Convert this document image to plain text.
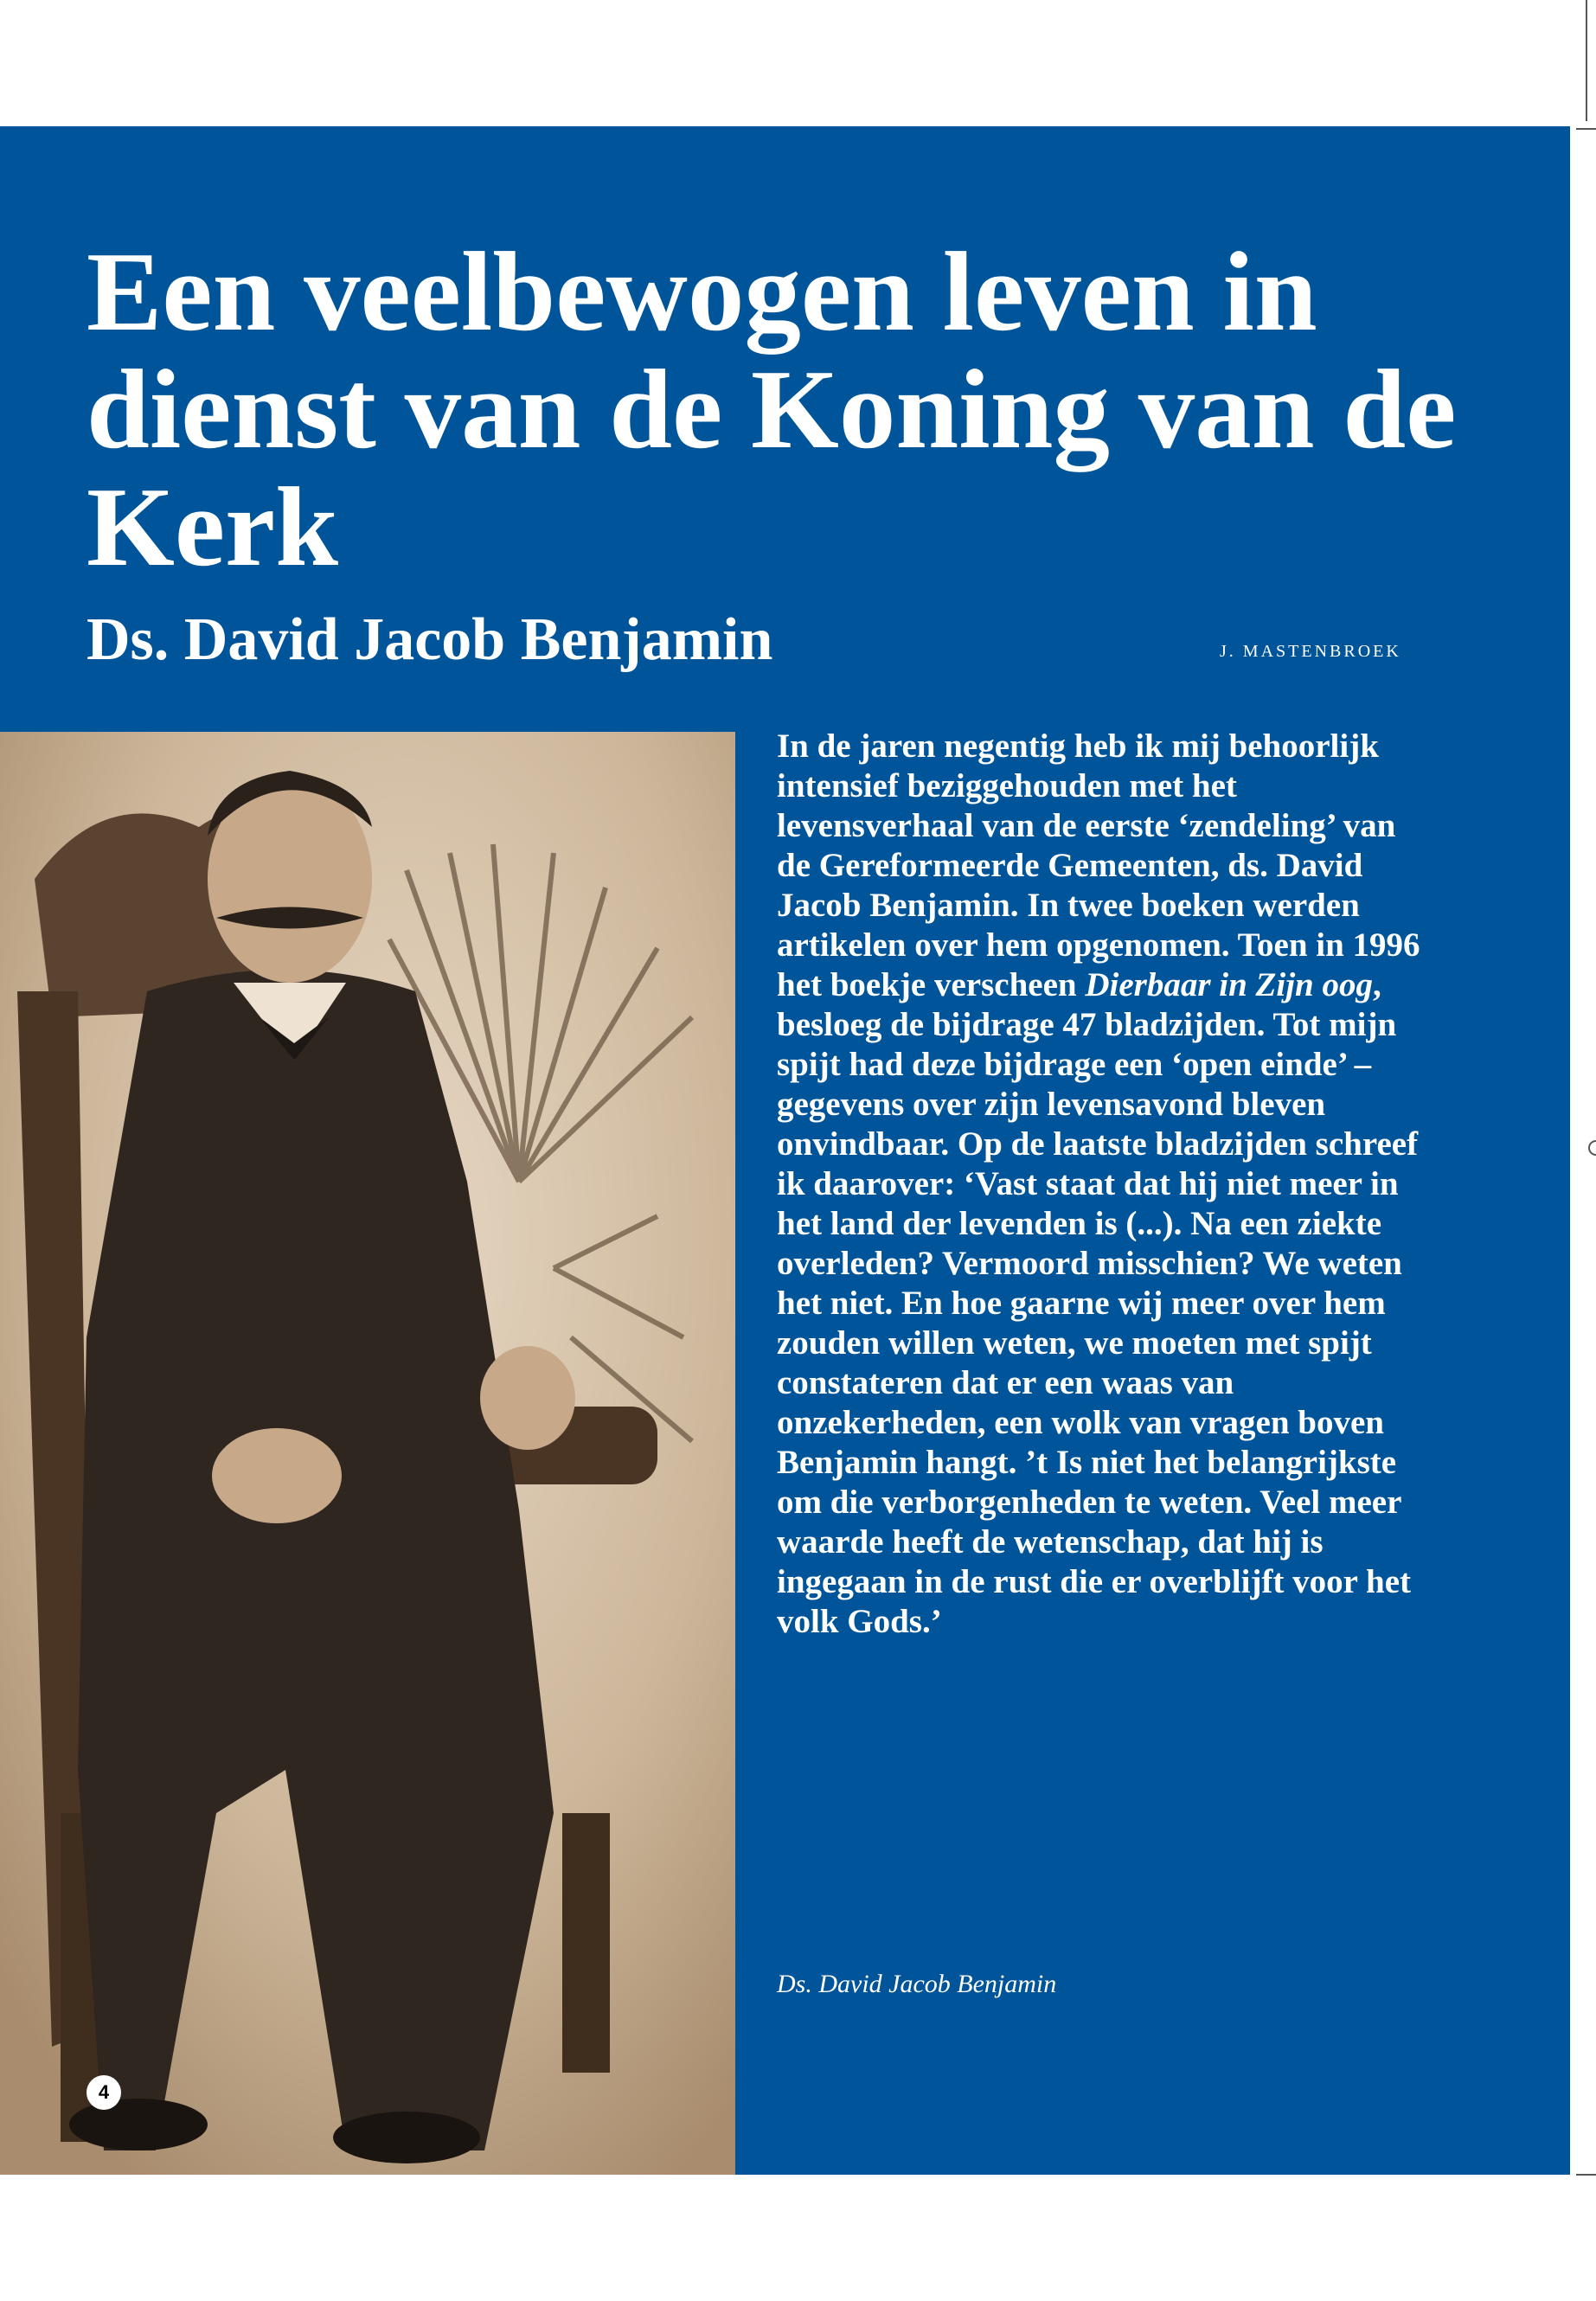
Een veelbewogen leven in dienst van de Koning van de Kerk
Ds. David Jacob Benjamin	J. MASTENBROEK

In de jaren negentig heb ik mij behoorlijk intensief beziggehouden met het levensverhaal van de eerste ‘zendeling’ van de Gereformeerde Gemeenten, ds. David Jacob Benjamin. In twee boeken werden artikelen over hem opgenomen. Toen in 1996 het boekje verscheen Dierbaar in Zijn oog, besloeg de bijdrage 47 bladzijden. Tot mijn spijt had deze bijdrage een ‘open einde’ – gegevens over zijn levensavond bleven onvindbaar. Op de laatste bladzijden schreef ik daarover: ‘Vast staat dat hij niet meer in het land der levenden is (...). Na een ziekte overleden? Vermoord misschien? We weten het niet. En hoe gaarne wij meer over hem zouden willen weten, we moeten met spijt constateren dat er een waas van onzekerheden, een wolk van vragen boven Benjamin hangt. ’t Is niet het belangrijkste om die verborgenheden te weten. Veel meer waarde heeft de wetenschap, dat hij is ingegaan in de rust die er overblijft voor het volk Gods.’

Ds. David Jacob Benjamin
4
